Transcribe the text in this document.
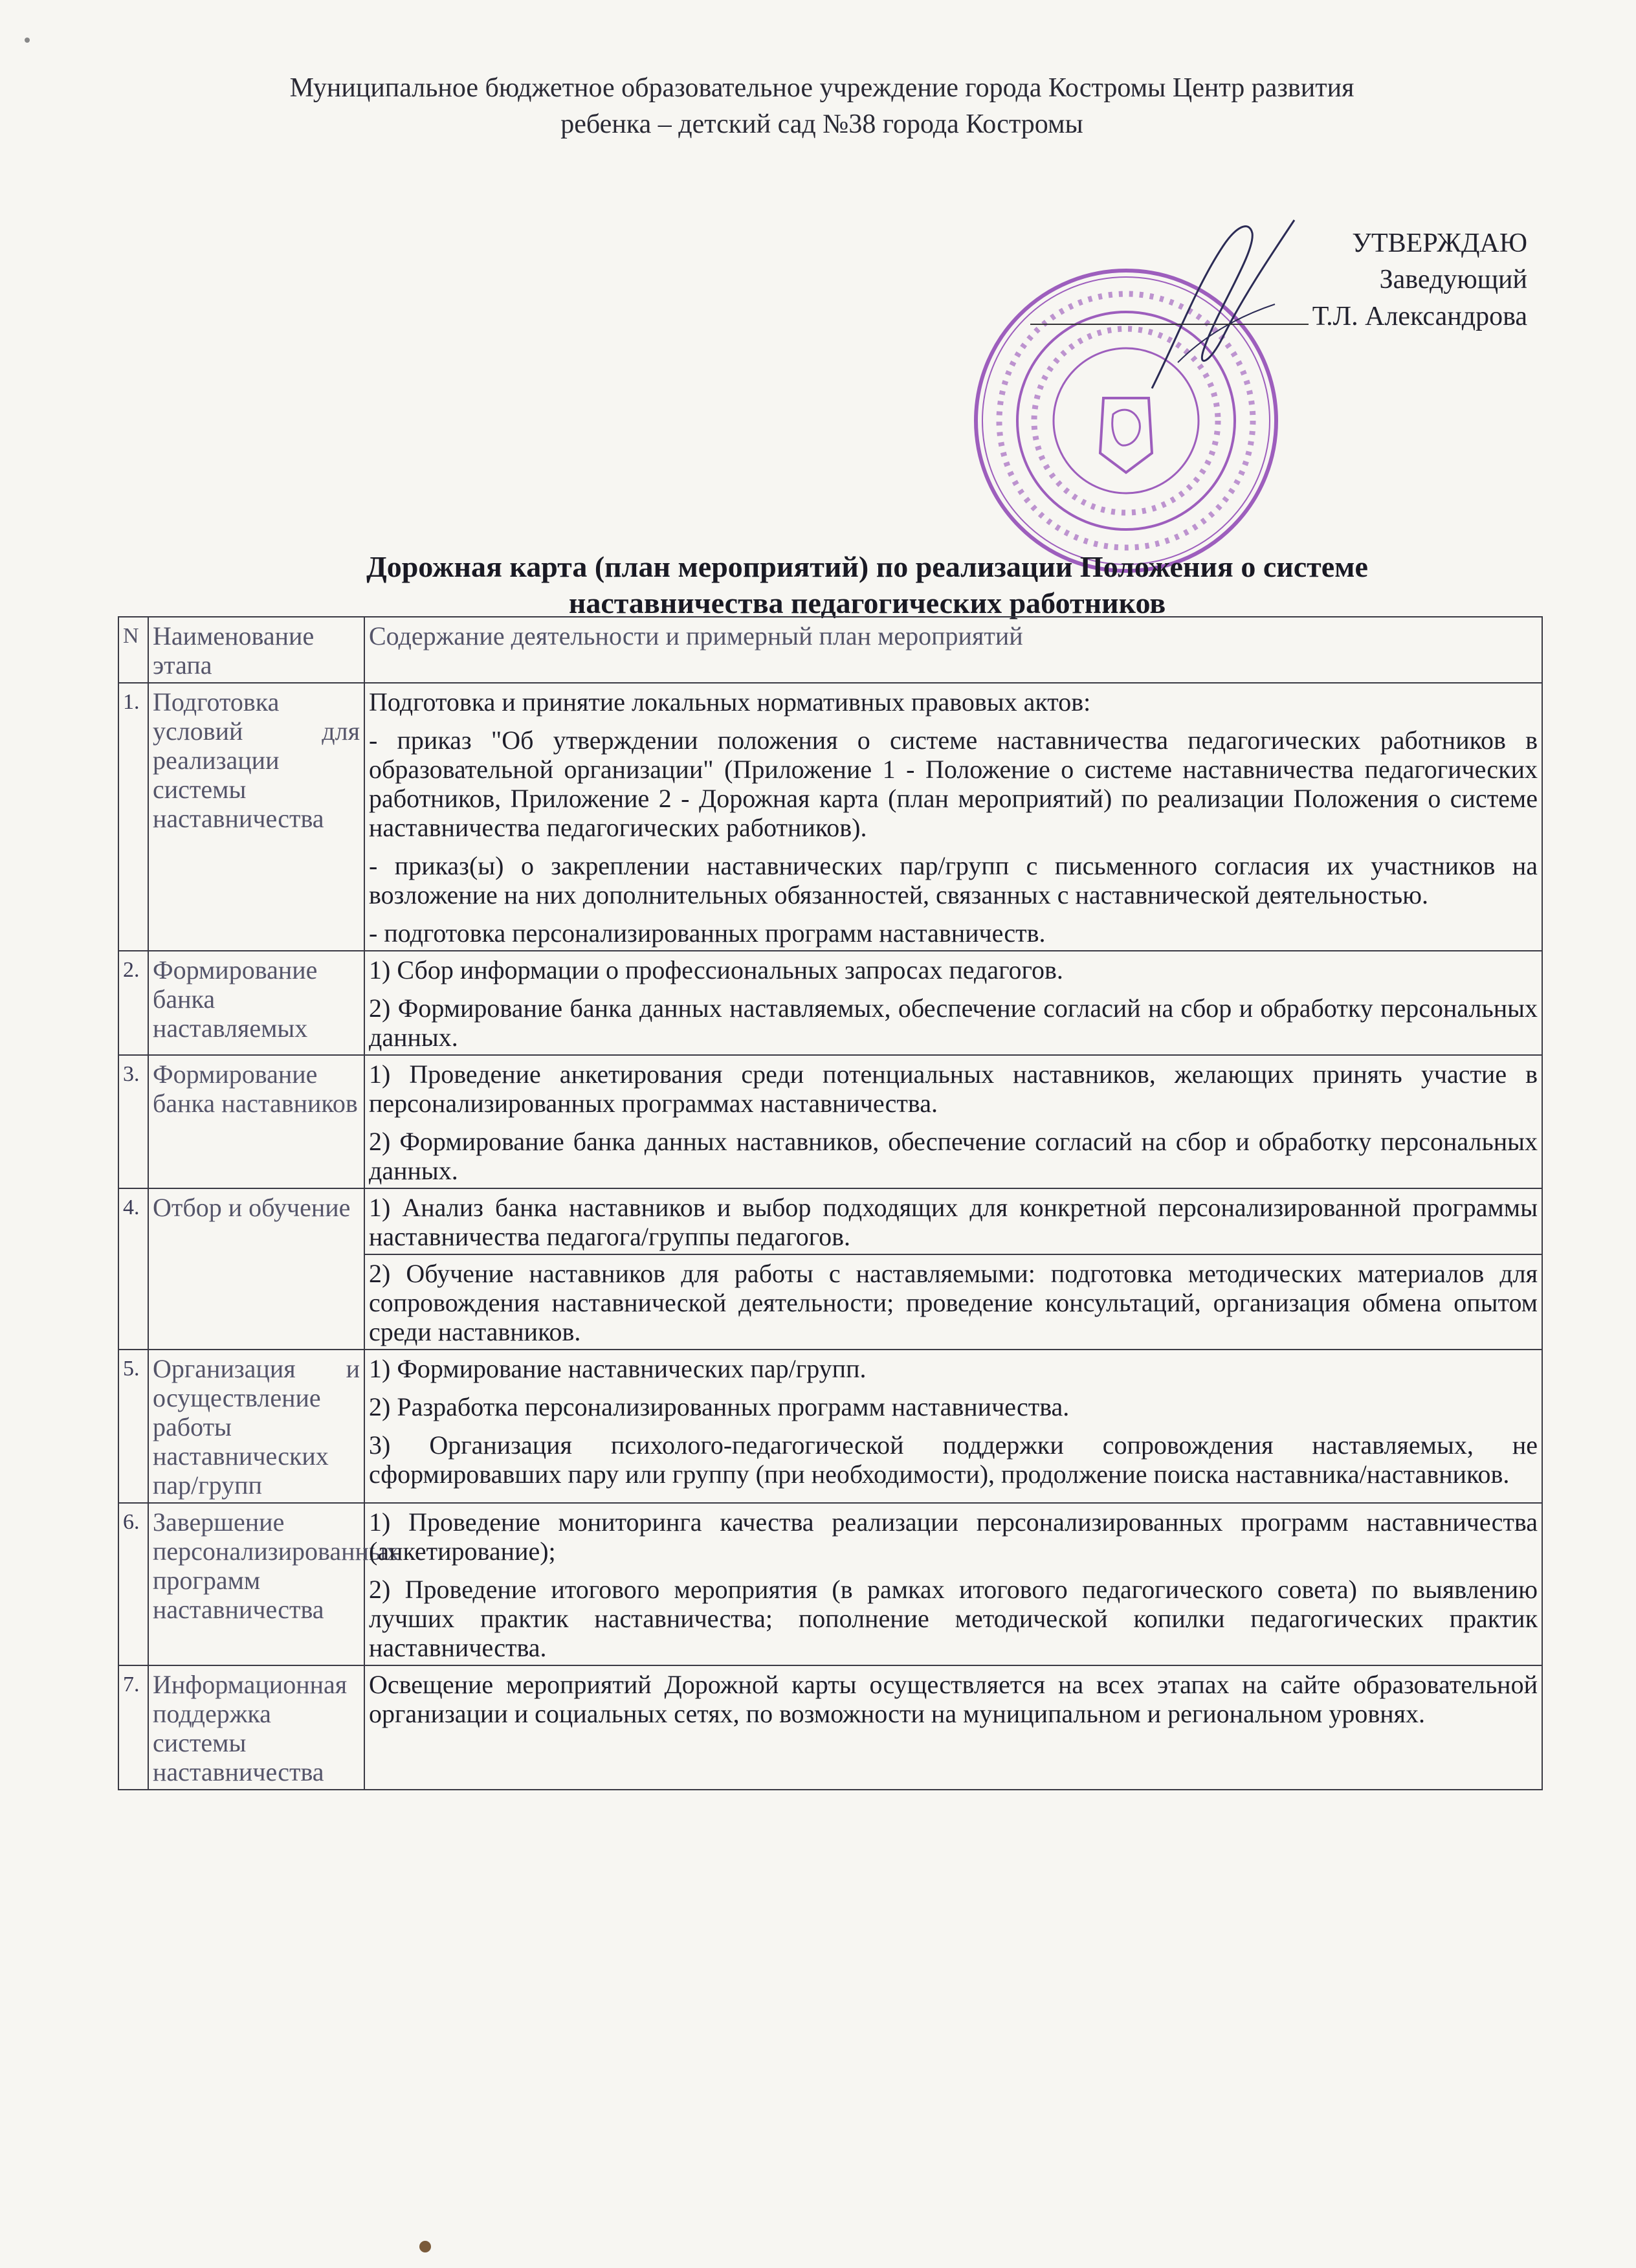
Муниципальное бюджетное образовательное учреждение города Костромы Центр развития
ребенка – детский сад №38 города Костромы
УТВЕРЖДАЮ
Заведующий
Т.Л. Александрова
Дорожная карта (план мероприятий) по реализации Положения о системе
наставничества педагогических работников
N	Наименование этапа	Содержание деятельности и примерный план мероприятий
1.	Подготовка условий для реализации системы наставничества	Подготовка и принятие локальных нормативных правовых актов:

- приказ "Об утверждении положения о системе наставничества педагогических работников в образовательной организации" (Приложение 1 - Положение о системе наставничества педагогических работников, Приложение 2 - Дорожная карта (план мероприятий) по реализации Положения о системе наставничества педагогических работников).

- приказ(ы) о закреплении наставнических пар/групп с письменного согласия их участников на возложение на них дополнительных обязанностей, связанных с наставнической деятельностью.

- подготовка персонализированных программ наставничеств.

2.	Формирование банка наставляемых	1) Сбор информации о профессиональных запросах педагогов.

2) Формирование банка данных наставляемых, обеспечение согласий на сбор и обработку персональных данных.

3.	Формирование банка наставников	1) Проведение анкетирования среди потенциальных наставников, желающих принять участие в персонализированных программах наставничества.

2) Формирование банка данных наставников, обеспечение согласий на сбор и обработку персональных данных.

4.	Отбор и обучение	1) Анализ банка наставников и выбор подходящих для конкретной персонализированной программы наставничества педагога/группы педагогов.

		2) Обучение наставников для работы с наставляемыми: подготовка методических материалов для сопровождения наставнической деятельности; проведение консультаций, организация обмена опытом среди наставников.

5.	Организация и осуществление работы наставнических пар/групп	1) Формирование наставнических пар/групп.

2) Разработка персонализированных программ наставничества.

3) Организация психолого-педагогической поддержки сопровождения наставляемых, не сформировавших пару или группу (при необходимости), продолжение поиска наставника/наставников.

6.	Завершение персонализированных программ наставничества	1) Проведение мониторинга качества реализации персонализированных программ наставничества (анкетирование);

2) Проведение итогового мероприятия (в рамках итогового педагогического совета) по выявлению лучших практик наставничества; пополнение методической копилки педагогических практик наставничества.

7.	Информационная поддержка системы наставничества	Освещение мероприятий Дорожной карты осуществляется на всех этапах на сайте образовательной организации и социальных сетях, по возможности на муниципальном и региональном уровнях.
